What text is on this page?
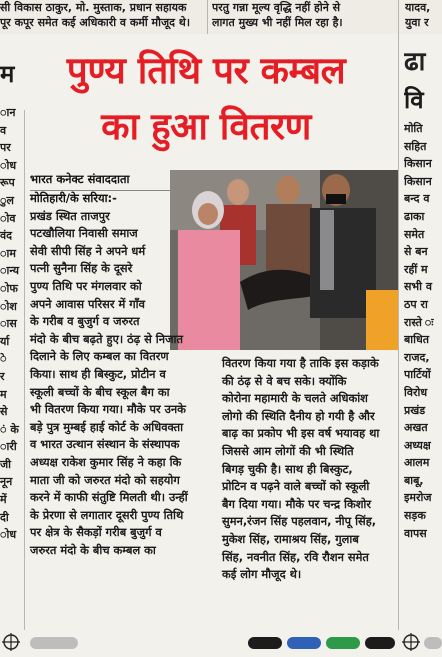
सी विकास ठाकुर, मो. मुस्ताक, प्रधान सहायक

पूर कपूर समेत कई अधिकारी व कर्मी मौजूद थे।

परतु गन्ना मूल्य वृद्धि नहीं होने से

लागत मुख्य भी नहीं मिल रहा है।

यादव,

युवा र

म

ान

व

पर

ोध

रूप

ुल

ोव

वंद

ाम

ान्य

ोफ

ोश

ास

र्या

े

र

म

से

ं के

ारी

जी

नून

में

दी

ोध

ढा

वि

मोति

सहित

किसान

किसान

बन्द व

ढाका

समेत

से बन

रहीं म

सभी व

ठप रा

रास्ते ः

बाधित

राजद,

पार्टियों

विरोध

प्रखंड

अखत

अध्यक्ष

आलम

बाबू,

इमरोज

सड़क

वापस

पुण्य तिथि पर कम्बल
का हुआ वितरण
भारत कनेक्ट संवाददाता

मोतिहारी/के सरिया:-

प्रखंड स्थित ताजपुर

पटखौलिया निवासी समाज

सेवी सीपी सिंह ने अपने धर्म

पत्नी सुनैना सिंह के दूसरे

पुण्य तिथि पर मंगलवार को

अपने आवास परिसर में गाँव

के गरीब व बुजुर्ग व जरुरत

मंदो के बीच बढ़ते हुए। ठंढ़ से निजात

दिलाने के लिए कम्बल का वितरण

किया। साथ ही बिस्कुट, प्रोटीन व

स्कूली बच्चों के बीच स्कूल बैग का

भी वितरण किया गया। मौके पर उनके

बड़े पुत्र मुम्बई हाई कोर्ट के अधिवक्ता

व भारत उत्थान संस्थान के संस्थापक

अध्यक्ष राकेश कुमार सिंह ने कहा कि

माता जी को जरुरत मंदो को सहयोग

करने में काफी संतुष्टि मिलती थी। उन्हीं

के प्रेरणा से लगातार दूसरी पुण्य तिथि

पर क्षेत्र के सैकड़ों गरीब बुजुर्ग व

जरुरत मंदो के बीच कम्बल का

वितरण किया गया है ताकि इस कड़ाके

की ठंढ़ से वे बच सके। क्योंकि

कोरोना महामारी के चलते अधिकांश

लोगो की स्थिति दैनीय हो गयी है और

बाढ़ का प्रकोप भी इस वर्ष भयावह था

जिससे आम लोगों की भी स्थिति

बिगड़ चुकी है। साथ ही बिस्कुट,

प्रोटिन व पढ़ने वाले बच्चों को स्कूली

बैग दिया गया। मौके पर चन्द्र किशोर

सुमन,रंजन सिंह पहलवान, नीपू सिंह,

मुकेश सिंह, रामाश्रय सिंह, गुलाब

सिंह, नवनीत सिंह, रवि रौशन समेत

कई लोग मौजूद थे।
